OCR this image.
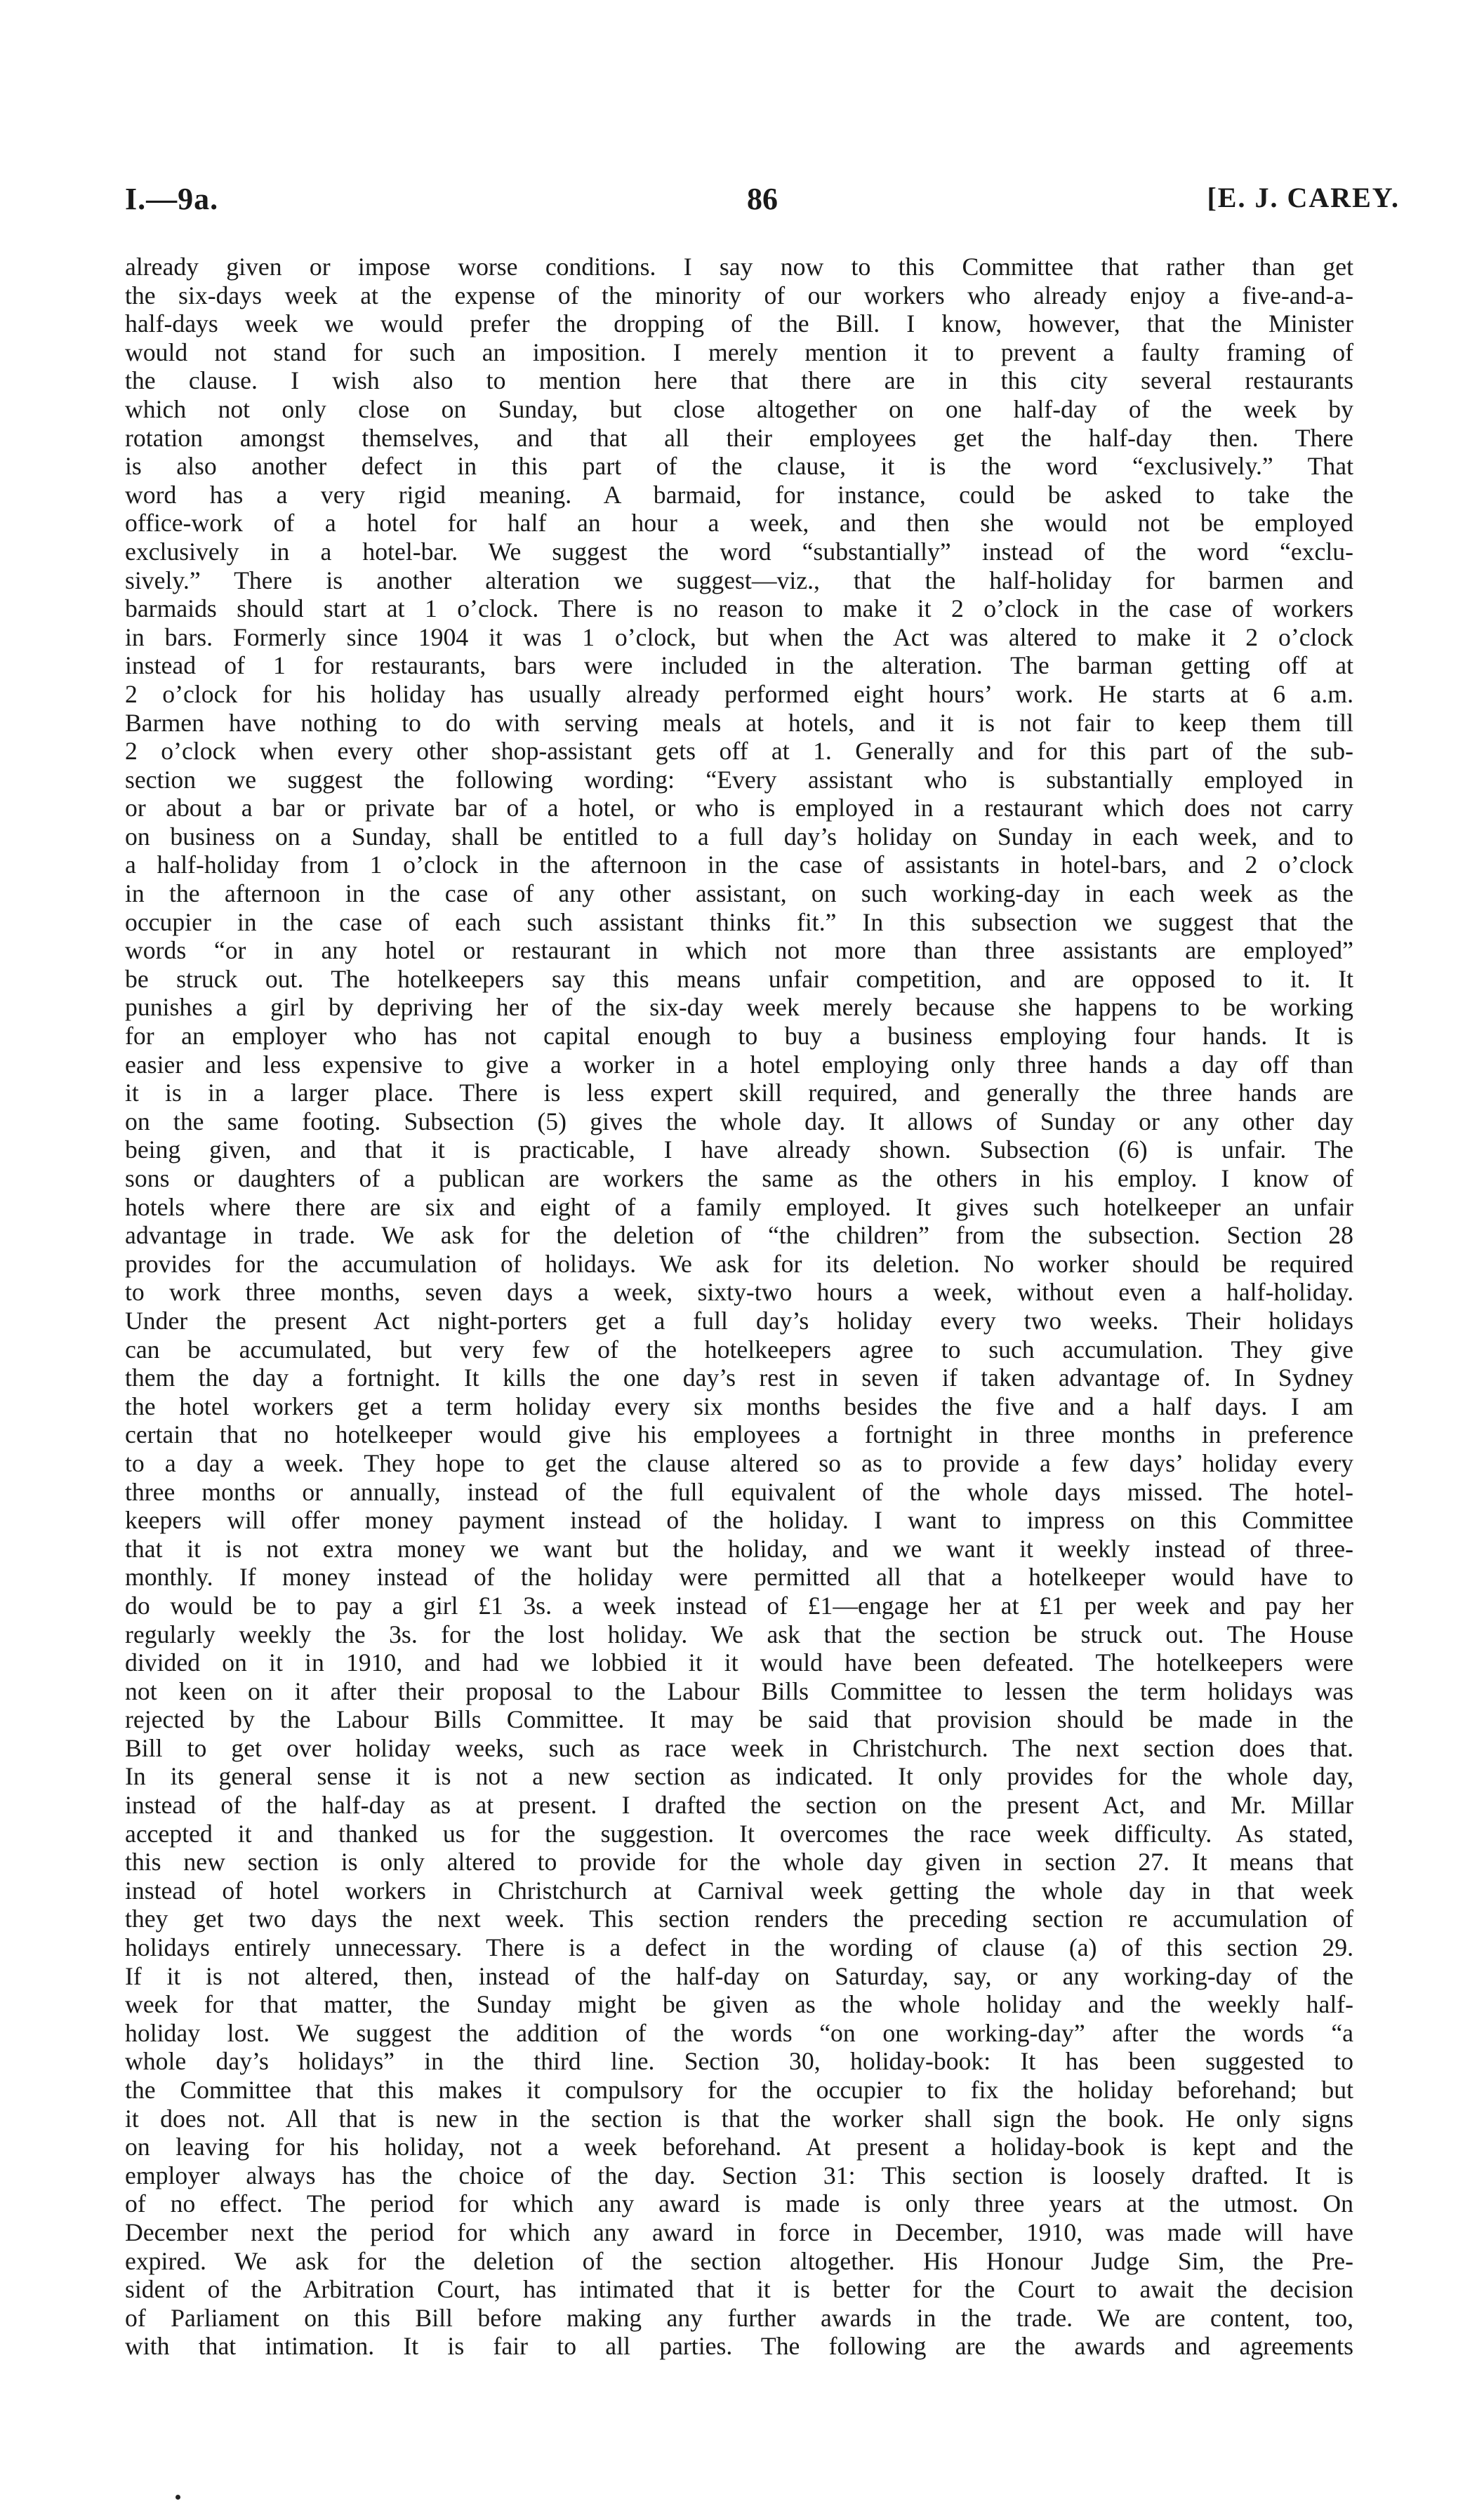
I.—9a.	86	[E. J. CAREY.
already given or impose worse conditions. I say now to this Committee that rather than get
the six-days week at the expense of the minority of our workers who already enjoy a five-and-a-
half-days week we would prefer the dropping of the Bill. I know, however, that the Minister
would not stand for such an imposition. I merely mention it to prevent a faulty framing of
the clause. I wish also to mention here that there are in this city several restaurants
which not only close on Sunday, but close altogether on one half-day of the week by
rotation amongst themselves, and that all their employees get the half-day then. There
is also another defect in this part of the clause, it is the word “exclusively.” That
word has a very rigid meaning. A barmaid, for instance, could be asked to take the
office-work of a hotel for half an hour a week, and then she would not be employed
exclusively in a hotel-bar. We suggest the word “substantially” instead of the word “exclu-
sively.” There is another alteration we suggest—viz., that the half-holiday for barmen and
barmaids should start at 1 o’clock. There is no reason to make it 2 o’clock in the case of workers
in bars. Formerly since 1904 it was 1 o’clock, but when the Act was altered to make it 2 o’clock
instead of 1 for restaurants, bars were included in the alteration. The barman getting off at
2 o’clock for his holiday has usually already performed eight hours’ work. He starts at 6 a.m.
Barmen have nothing to do with serving meals at hotels, and it is not fair to keep them till
2 o’clock when every other shop-assistant gets off at 1. Generally and for this part of the sub-
section we suggest the following wording: “Every assistant who is substantially employed in
or about a bar or private bar of a hotel, or who is employed in a restaurant which does not carry
on business on a Sunday, shall be entitled to a full day’s holiday on Sunday in each week, and to
a half-holiday from 1 o’clock in the afternoon in the case of assistants in hotel-bars, and 2 o’clock
in the afternoon in the case of any other assistant, on such working-day in each week as the
occupier in the case of each such assistant thinks fit.” In this subsection we suggest that the
words “or in any hotel or restaurant in which not more than three assistants are employed”
be struck out. The hotelkeepers say this means unfair competition, and are opposed to it. It
punishes a girl by depriving her of the six-day week merely because she happens to be working
for an employer who has not capital enough to buy a business employing four hands. It is
easier and less expensive to give a worker in a hotel employing only three hands a day off than
it is in a larger place. There is less expert skill required, and generally the three hands are
on the same footing. Subsection (5) gives the whole day. It allows of Sunday or any other day
being given, and that it is practicable, I have already shown. Subsection (6) is unfair. The
sons or daughters of a publican are workers the same as the others in his employ. I know of
hotels where there are six and eight of a family employed. It gives such hotelkeeper an unfair
advantage in trade. We ask for the deletion of “the children” from the subsection. Section 28
provides for the accumulation of holidays. We ask for its deletion. No worker should be required
to work three months, seven days a week, sixty-two hours a week, without even a half-holiday.
Under the present Act night-porters get a full day’s holiday every two weeks. Their holidays
can be accumulated, but very few of the hotelkeepers agree to such accumulation. They give
them the day a fortnight. It kills the one day’s rest in seven if taken advantage of. In Sydney
the hotel workers get a term holiday every six months besides the five and a half days. I am
certain that no hotelkeeper would give his employees a fortnight in three months in preference
to a day a week. They hope to get the clause altered so as to provide a few days’ holiday every
three months or annually, instead of the full equivalent of the whole days missed. The hotel-
keepers will offer money payment instead of the holiday. I want to impress on this Committee
that it is not extra money we want but the holiday, and we want it weekly instead of three-
monthly. If money instead of the holiday were permitted all that a hotelkeeper would have to
do would be to pay a girl £1 3s. a week instead of £1—engage her at £1 per week and pay her
regularly weekly the 3s. for the lost holiday. We ask that the section be struck out. The House
divided on it in 1910, and had we lobbied it it would have been defeated. The hotelkeepers were
not keen on it after their proposal to the Labour Bills Committee to lessen the term holidays was
rejected by the Labour Bills Committee. It may be said that provision should be made in the
Bill to get over holiday weeks, such as race week in Christchurch. The next section does that.
In its general sense it is not a new section as indicated. It only provides for the whole day,
instead of the half-day as at present. I drafted the section on the present Act, and Mr. Millar
accepted it and thanked us for the suggestion. It overcomes the race week difficulty. As stated,
this new section is only altered to provide for the whole day given in section 27. It means that
instead of hotel workers in Christchurch at Carnival week getting the whole day in that week
they get two days the next week. This section renders the preceding section re accumulation of
holidays entirely unnecessary. There is a defect in the wording of clause (a) of this section 29.
If it is not altered, then, instead of the half-day on Saturday, say, or any working-day of the
week for that matter, the Sunday might be given as the whole holiday and the weekly half-
holiday lost. We suggest the addition of the words “on one working-day” after the words “a
whole day’s holidays” in the third line. Section 30, holiday-book: It has been suggested to
the Committee that this makes it compulsory for the occupier to fix the holiday beforehand; but
it does not. All that is new in the section is that the worker shall sign the book. He only signs
on leaving for his holiday, not a week beforehand. At present a holiday-book is kept and the
employer always has the choice of the day. Section 31: This section is loosely drafted. It is
of no effect. The period for which any award is made is only three years at the utmost. On
December next the period for which any award in force in December, 1910, was made will have
expired. We ask for the deletion of the section altogether. His Honour Judge Sim, the Pre-
sident of the Arbitration Court, has intimated that it is better for the Court to await the decision
of Parliament on this Bill before making any further awards in the trade. We are content, too,
with that intimation. It is fair to all parties. The following are the awards and agreements
